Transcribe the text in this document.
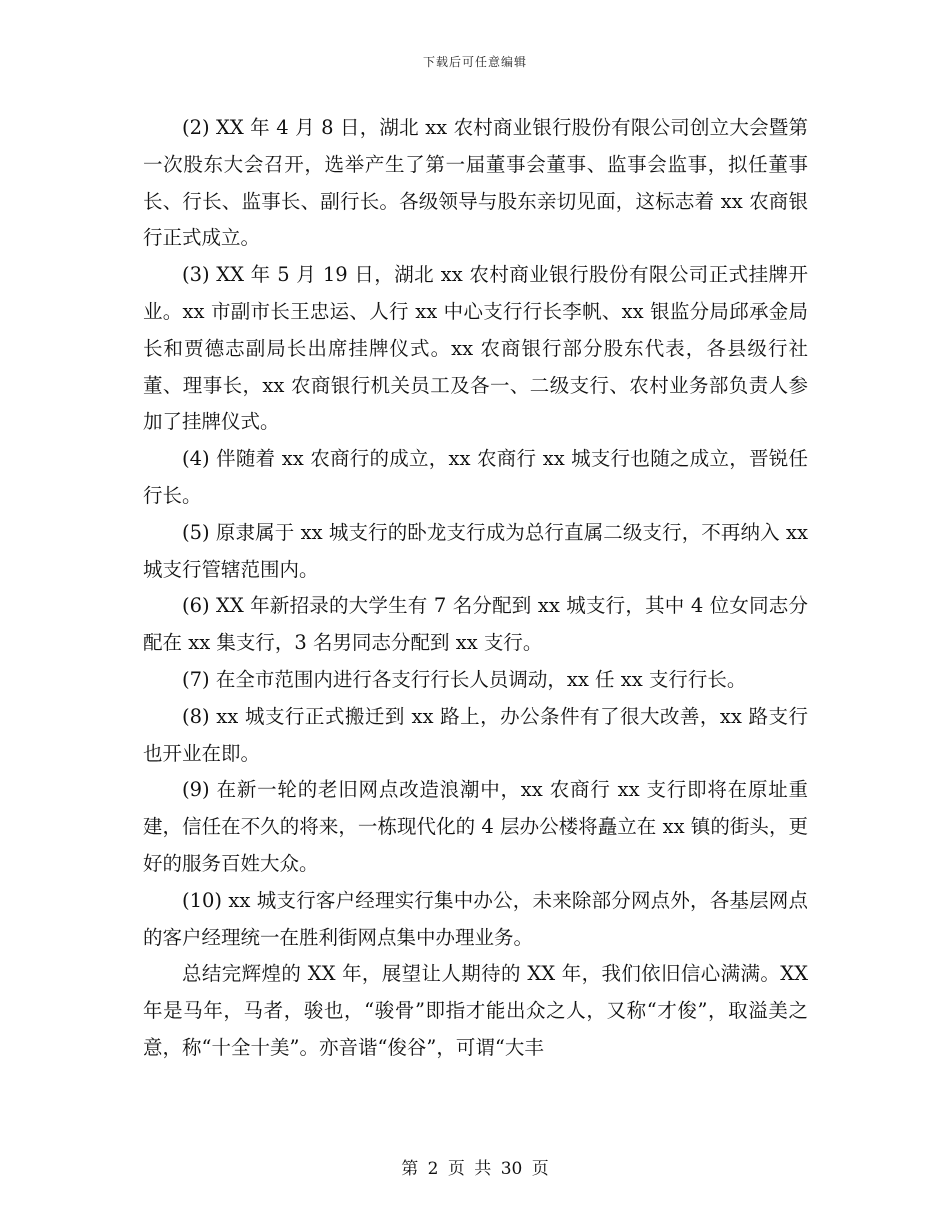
下载后可任意编辑

(2) XX 年 4 月 8 日，湖北 xx 农村商业银行股份有限公司创立大会暨第一次股东大会召开，选举产生了第一届董事会董事、监事会监事，拟任董事长、行长、监事长、副行长。各级领导与股东亲切见面，这标志着 xx 农商银行正式成立。

(3) XX 年 5 月 19 日，湖北 xx 农村商业银行股份有限公司正式挂牌开业。xx 市副市长王忠运、人行 xx 中心支行行长李帆、xx 银监分局邱承金局长和贾德志副局长出席挂牌仪式。xx 农商银行部分股东代表，各县级行社董、理事长，xx 农商银行机关员工及各一、二级支行、农村业务部负责人参加了挂牌仪式。

(4) 伴随着 xx 农商行的成立，xx 农商行 xx 城支行也随之成立，晋锐任行长。

(5) 原隶属于 xx 城支行的卧龙支行成为总行直属二级支行，不再纳入 xx 城支行管辖范围内。

(6) XX 年新招录的大学生有 7 名分配到 xx 城支行，其中 4 位女同志分配在 xx 集支行，3 名男同志分配到 xx 支行。

(7) 在全市范围内进行各支行行长人员调动，xx 任 xx 支行行长。

(8) xx 城支行正式搬迁到 xx 路上，办公条件有了很大改善，xx 路支行也开业在即。

(9) 在新一轮的老旧网点改造浪潮中，xx 农商行 xx 支行即将在原址重建，信任在不久的将来，一栋现代化的 4 层办公楼将矗立在 xx 镇的街头，更好的服务百姓大众。

(10) xx 城支行客户经理实行集中办公，未来除部分网点外，各基层网点的客户经理统一在胜利街网点集中办理业务。

总结完辉煌的 XX 年，展望让人期待的 XX 年，我们依旧信心满满。XX 年是马年，马者，骏也，“骏骨”即指才能出众之人，又称“才俊”，取溢美之意，称“十全十美”。亦音谐“俊谷”，可谓“大丰

第 2 页 共 30 页
